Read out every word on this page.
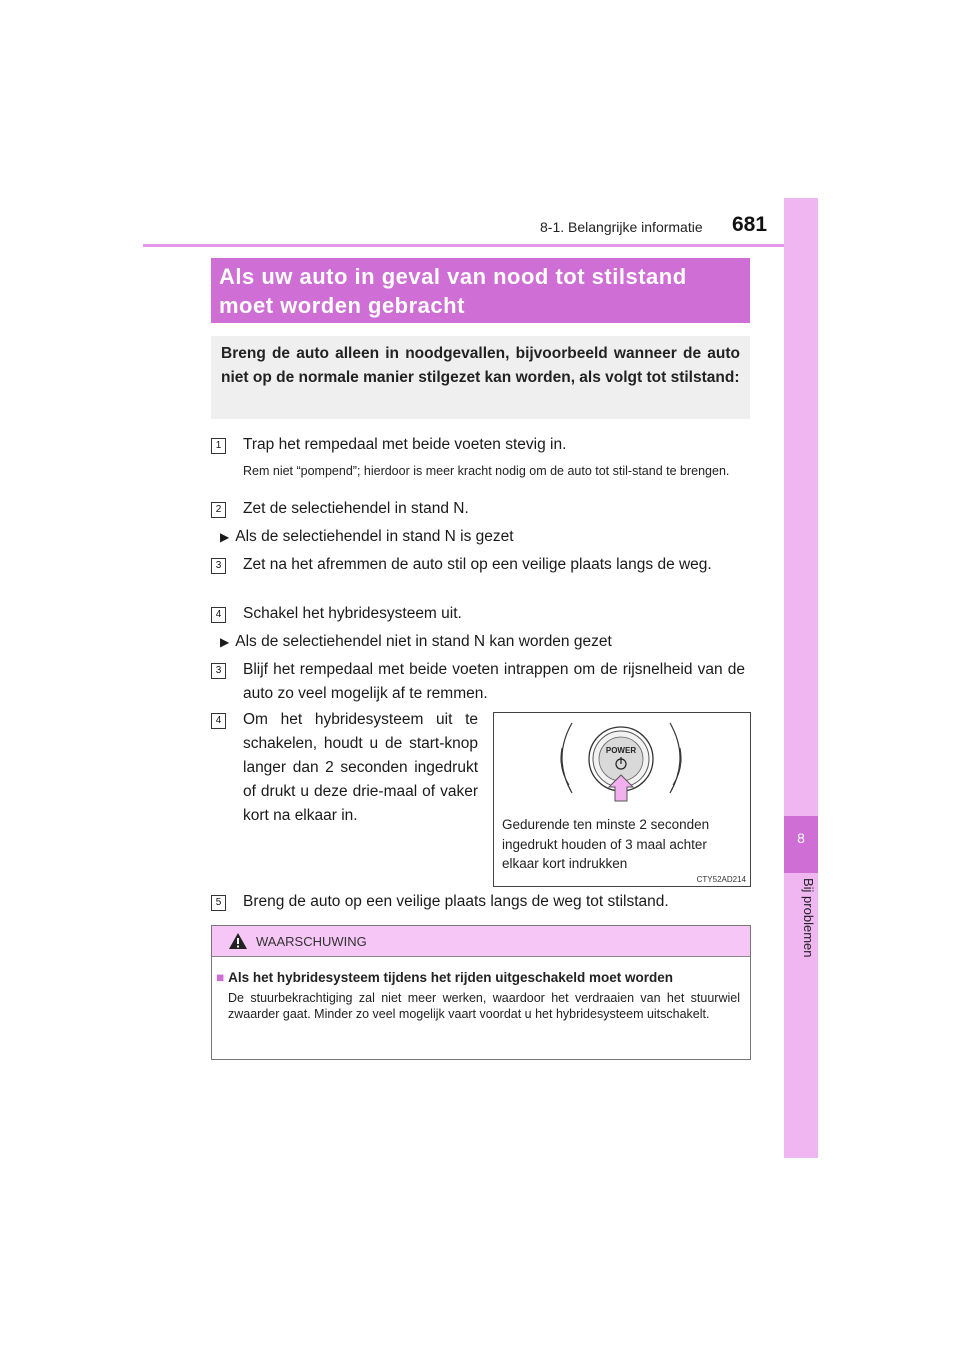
8-1. Belangrijke informatie 681
8
Bij problemen
Als uw auto in geval van nood tot stilstand
moet worden gebracht
Breng de auto alleen in noodgevallen, bijvoorbeeld wanneer de auto niet op de normale manier stilgezet kan worden, als volgt tot stilstand:
1	Trap het rempedaal met beide voeten stevig in.
Rem niet “pompend”; hierdoor is meer kracht nodig om de auto tot stil-stand te brengen.
2	Zet de selectiehendel in stand N.
▶ Als de selectiehendel in stand N is gezet
3	Zet na het afremmen de auto stil op een veilige plaats langs de weg.
4	Schakel het hybridesysteem uit.
▶ Als de selectiehendel niet in stand N kan worden gezet
3	Blijf het rempedaal met beide voeten intrappen om de rijsnelheid van de auto zo veel mogelijk af te remmen.
4	Om het hybridesysteem uit te schakelen, houdt u de start-knop langer dan 2 seconden ingedrukt of drukt u deze drie-maal of vaker kort na elkaar in.
POWER
Gedurende ten minste 2 seconden ingedrukt houden of 3 maal achter elkaar kort indrukken
CTY52AD214
5	Breng de auto op een veilige plaats langs de weg tot stilstand.
WAARSCHUWING
■ Als het hybridesysteem tijdens het rijden uitgeschakeld moet worden
De stuurbekrachtiging zal niet meer werken, waardoor het verdraaien van het stuurwiel zwaarder gaat. Minder zo veel mogelijk vaart voordat u het hybridesysteem uitschakelt.
